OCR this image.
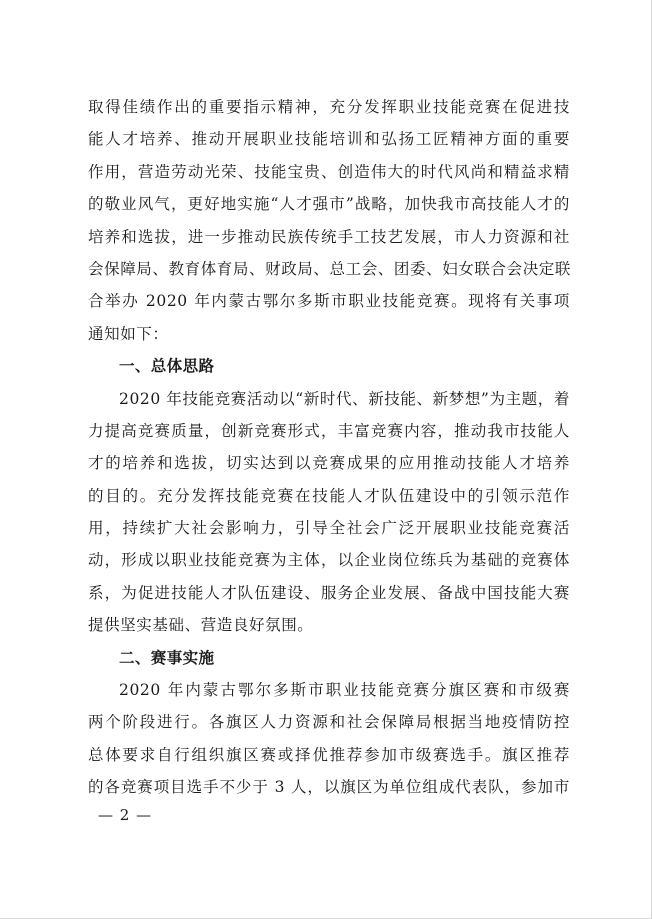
取得佳绩作出的重要指示精神，充分发挥职业技能竞赛在促进技
能人才培养、推动开展职业技能培训和弘扬工匠精神方面的重要
作用，营造劳动光荣、技能宝贵、创造伟大的时代风尚和精益求精
的敬业风气，更好地实施“人才强市”战略，加快我市高技能人才的
培养和选拔，进一步推动民族传统手工技艺发展，市人力资源和社
会保障局、教育体育局、财政局、总工会、团委、妇女联合会决定联
合举办 2020 年内蒙古鄂尔多斯市职业技能竞赛。现将有关事项
通知如下：
一、总体思路
2020 年技能竞赛活动以“新时代、新技能、新梦想”为主题，着
力提高竞赛质量，创新竞赛形式，丰富竞赛内容，推动我市技能人
才的培养和选拔，切实达到以竞赛成果的应用推动技能人才培养
的目的。充分发挥技能竞赛在技能人才队伍建设中的引领示范作
用，持续扩大社会影响力，引导全社会广泛开展职业技能竞赛活
动，形成以职业技能竞赛为主体，以企业岗位练兵为基础的竞赛体
系，为促进技能人才队伍建设、服务企业发展、备战中国技能大赛
提供坚实基础、营造良好氛围。
二、赛事实施
2020 年内蒙古鄂尔多斯市职业技能竞赛分旗区赛和市级赛
两个阶段进行。各旗区人力资源和社会保障局根据当地疫情防控
总体要求自行组织旗区赛或择优推荐参加市级赛选手。旗区推荐
的各竞赛项目选手不少于 3 人，以旗区为单位组成代表队，参加市
— 2 —
